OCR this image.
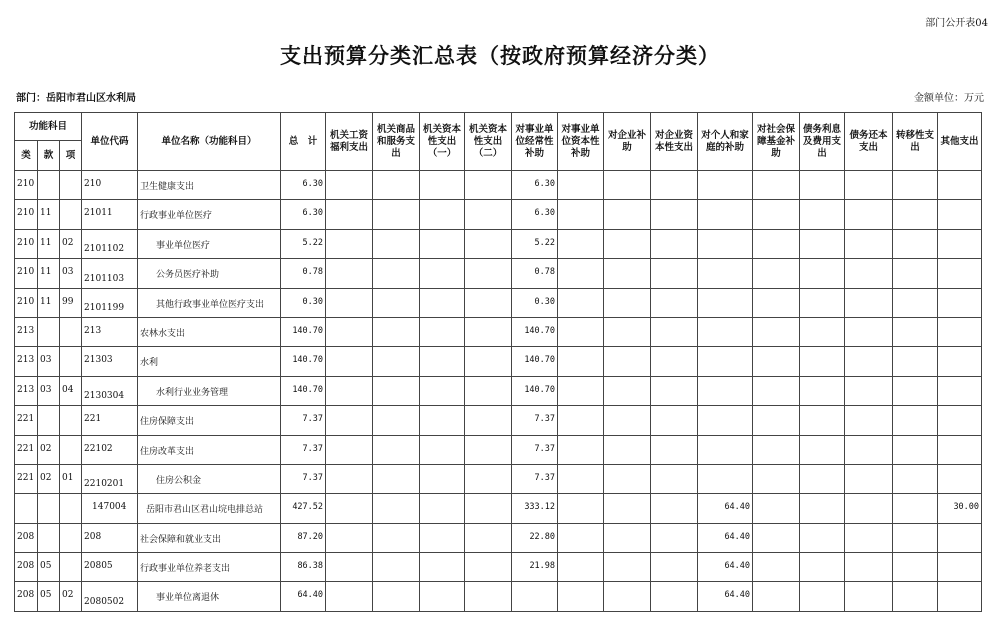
部门公开表04
支出预算分类汇总表（按政府预算经济分类）
部门：岳阳市君山区水利局	金额单位：万元
功能科目			单位代码	单位名称（功能科目）	总　计	机关工资福利支出	机关商品和服务支出	机关资本性支出（一）	机关资本性支出（二）	对事业单位经常性补助	对事业单位资本性补助	对企业补助	对企业资本性支出	对个人和家庭的补助	对社会保障基金补助	债务利息及费用支出	债务还本支出	转移性支出	其他支出
类	款	项																	
210			210	卫生健康支出	6.30					6.30									
210	11		21011	行政事业单位医疗	6.30					6.30									
210	11	02	2101102	事业单位医疗	5.22					5.22									
210	11	03	2101103	公务员医疗补助	0.78					0.78									
210	11	99	2101199	其他行政事业单位医疗支出	0.30					0.30									
213			213	农林水支出	140.70					140.70									
213	03		21303	水利	140.70					140.70									
213	03	04	2130304	水利行业业务管理	140.70					140.70									
221			221	住房保障支出	7.37					7.37									
221	02		22102	住房改革支出	7.37					7.37									
221	02	01	2210201	住房公积金	7.37					7.37									
			147004	岳阳市君山区君山垸电排总站	427.52					333.12				64.40					30.00
208			208	社会保障和就业支出	87.20					22.80				64.40					
208	05		20805	行政事业单位养老支出	86.38					21.98				64.40					
208	05	02	2080502	事业单位离退休	64.40									64.40					
